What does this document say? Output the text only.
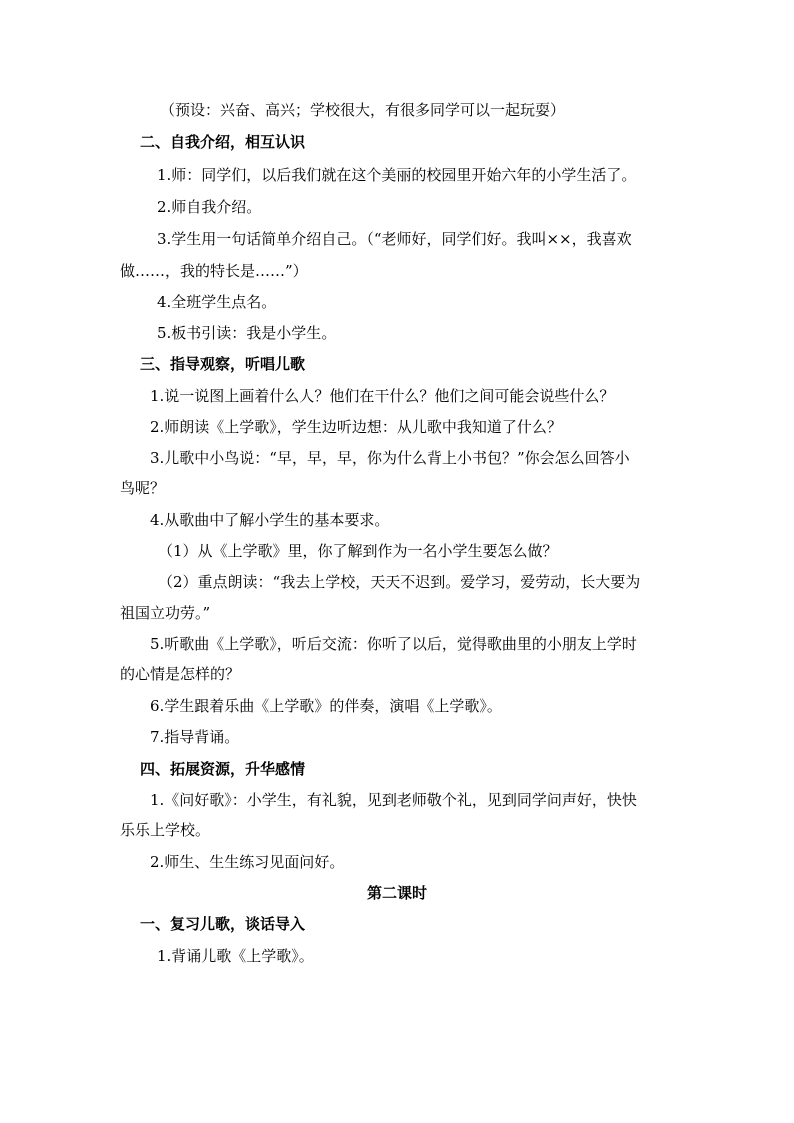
（预设：兴奋、高兴；学校很大，有很多同学可以一起玩耍）
二、自我介绍，相互认识
1.师：同学们，以后我们就在这个美丽的校园里开始六年的小学生活了。
2.师自我介绍。
3.学生用一句话简单介绍自己。（“老师好，同学们好。我叫××，我喜欢
做……，我的特长是……”）
4.全班学生点名。
5.板书引读：我是小学生。
三、指导观察，听唱儿歌
1.说一说图上画着什么人？他们在干什么？他们之间可能会说些什么？
2.师朗读《上学歌》，学生边听边想：从儿歌中我知道了什么？
3.儿歌中小鸟说：“早，早，早，你为什么背上小书包？”你会怎么回答小
鸟呢？
4.从歌曲中了解小学生的基本要求。
（1）从《上学歌》里，你了解到作为一名小学生要怎么做？
（2）重点朗读：“我去上学校，天天不迟到。爱学习，爱劳动，长大要为
祖国立功劳。”
5.听歌曲《上学歌》，听后交流：你听了以后，觉得歌曲里的小朋友上学时
的心情是怎样的？
6.学生跟着乐曲《上学歌》的伴奏，演唱《上学歌》。
7.指导背诵。
四、拓展资源，升华感情
1.《问好歌》：小学生，有礼貌，见到老师敬个礼，见到同学问声好，快快
乐乐上学校。
2.师生、生生练习见面问好。
第二课时
一、复习儿歌，谈话导入
1.背诵儿歌《上学歌》。
